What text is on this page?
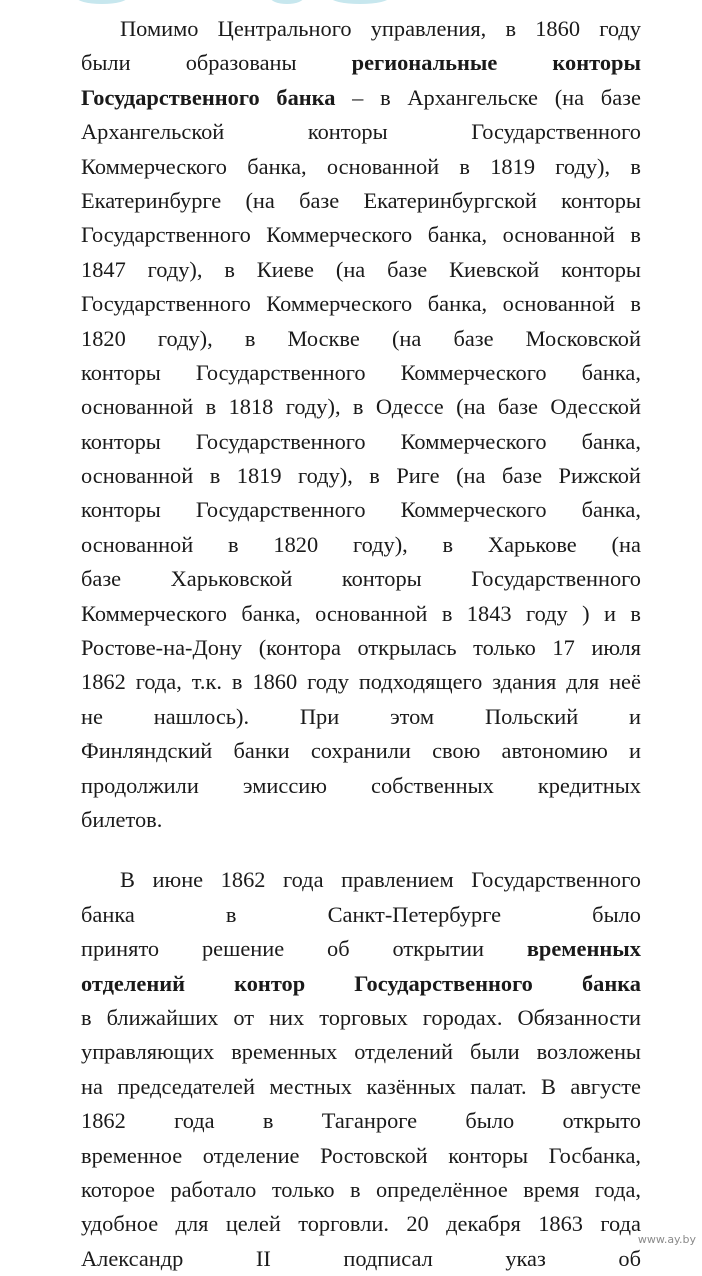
Помимо Центрального управления, в 1860 году
были образованы региональные конторы
Государственного банка – в Архангельске (на базе
Архангельской	конторы	Государственного
Коммерческого банка, основанной в 1819 году), в
Екатеринбурге (на базе Екатеринбургской конторы
Государственного Коммерческого банка, основанной в
1847 году), в Киеве (на базе Киевской конторы
Государственного Коммерческого банка, основанной в
1820 году), в Москве (на базе Московской
конторы Государственного Коммерческого банка,
основанной в 1818 году), в Одессе (на базе Одесской
конторы Государственного Коммерческого банка,
основанной в 1819 году), в Риге (на базе Рижской
конторы Государственного Коммерческого банка,
основанной в 1820 году), в Харькове (на
базе Харьковской конторы Государственного
Коммерческого банка, основанной в 1843 году ) и в
Ростове-на-Дону (контора открылась только 17 июля
1862 года, т.к. в 1860 году подходящего здания для неё
не нашлось). При этом Польский и
Финляндский банки сохранили свою автономию и
продолжили эмиссию собственных кредитных
билетов.
В июне 1862 года правлением Государственного
банка	в	Санкт-Петербурге	было
принято решение об открытии временных
отделений контор Государственного банка
в ближайших от них торговых городах. Обязанности
управляющих временных отделений были возложены
на председателей местных казённых палат. В августе
1862 года в Таганроге было открыто
временное отделение Ростовской конторы Госбанка,
которое работало только в определённое время года,
удобное для целей торговли. 20 декабря 1863 года
Александр	II	подписал	указ	об
www.ay.by
